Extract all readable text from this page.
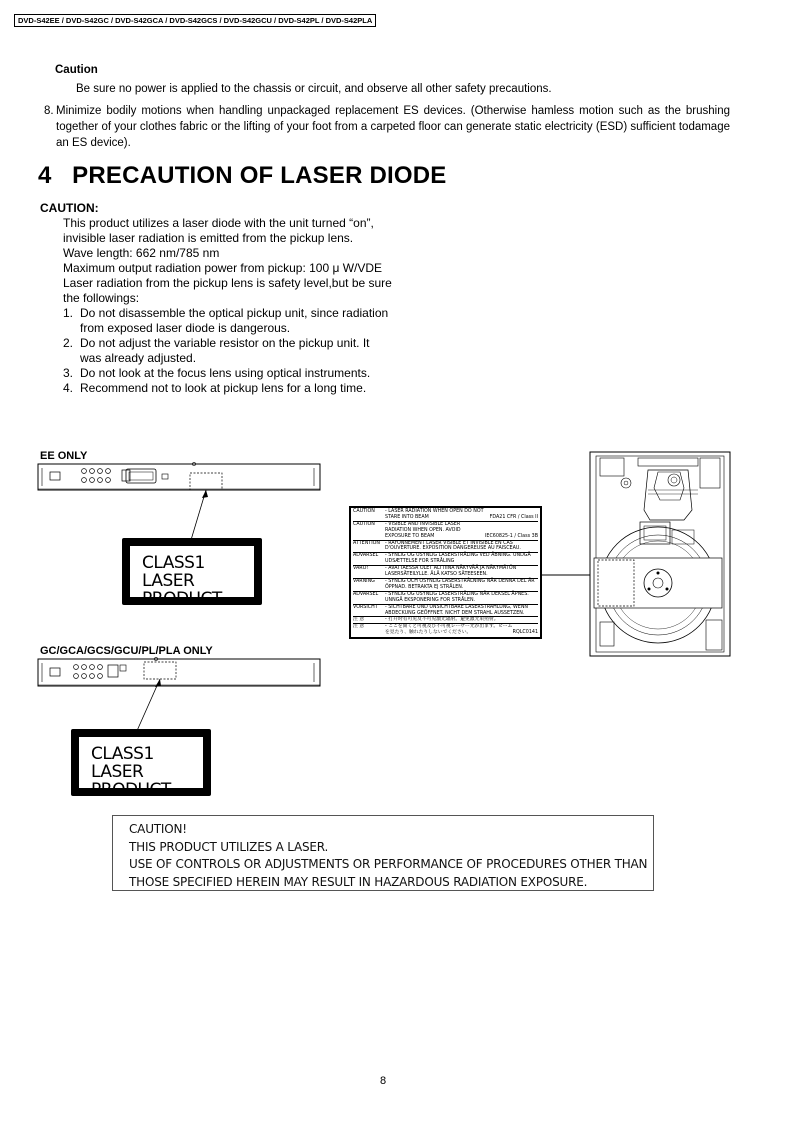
DVD-S42EE / DVD-S42GC / DVD-S42GCA / DVD-S42GCS / DVD-S42GCU / DVD-S42PL / DVD-S42PLA
Caution
Be sure no power is applied to the chassis or circuit, and observe all other safety precautions.
8. Minimize bodily motions when handling unpackaged replacement ES devices. (Otherwise hamless motion such as the brushing together of your clothes fabric or the lifting of your foot from a carpeted floor can generate static electricity (ESD) sufficient todamage an ES device).
4   PRECAUTION OF LASER DIODE
CAUTION:

This product utilizes a laser diode with the unit turned “on”, invisible laser radiation is emitted from the pickup lens.

Wave length: 662 nm/785 nm

Maximum output radiation power from pickup: 100 μ W/VDE

Laser radiation from the pickup lens is safety level,but be sure the followings:

1. Do not disassemble the optical pickup unit, since radiation from exposed laser diode is dangerous.
2. Do not adjust the variable resistor on the pickup unit. It was already adjusted.
3. Do not look at the focus lens using optical instruments.
4. Recommend not to look at pickup lens for a long time.
EE ONLY
CLASS1
LASER PRODUCT
GC/GCA/GCS/GCU/PL/PLA ONLY
CLASS1
LASER PRODUCT
CAUTION	- LASER RADIATION WHEN OPEN DO NOT STARE INTO BEAM	FDA21 CFR / Class II
CAUTION	- VISIBLE AND INVISIBLE LASER RADIATION WHEN OPEN. AVOID EXPOSURE TO BEAM	IEC60825-1 / Class 3B
ATTENTION	- RAYONNEMENT LASER VISIBLE ET INVISIBLE EN CAS D'OUVERTURE. EXPOSITION DANGEREUSE AU FAISCEAU.
ADVARSEL	- SYNLIG OG USYNLIG LASERSTRÅLING VED ÅBNING. UNDGÅ UDSÆTTELSE FOR STRÅLING
VARO!	- AVATTAESSA OLET ALTTIINA NÄKYVÄÄ JA NÄKYMÄTÖN LASERSÄTEILYLLE. ÄLÄ KATSO SÄTEESEEN.
VARNING	- SYNLIG OCH OSYNLIG LASERSTRÅLNING NÄR DENNA DEL ÄR ÖPPNAD. BETRAKTA EJ STRÅLEN.
ADVARSEL	- SYNLIG OG USYNLIG LASERSTRÅLING NÅR DEKSEL ÅPNES. UNNGÅ EKSPONERING FOR STRÅLEN.
VORSICHT	- SICHTBARE UND UNSICHTBARE LASERSTRAHLUNG, WENN ABDECKUNG GEÖFFNET. NICHT DEM STRAHL AUSSETZEN.
注 意	- 打开时有可见及不可见激光辐射。避免激光束照射。
注 意	- ここを開くと可視及び不可視レーザー光が出ます。ビームを見たり、触れたりしないでください。	RQLC0141
CAUTION!
THIS PRODUCT UTILIZES A LASER.
USE OF CONTROLS OR ADJUSTMENTS OR PERFORMANCE OF PROCEDURES OTHER THAN
THOSE SPECIFIED HEREIN MAY RESULT IN HAZARDOUS RADIATION EXPOSURE.
8
